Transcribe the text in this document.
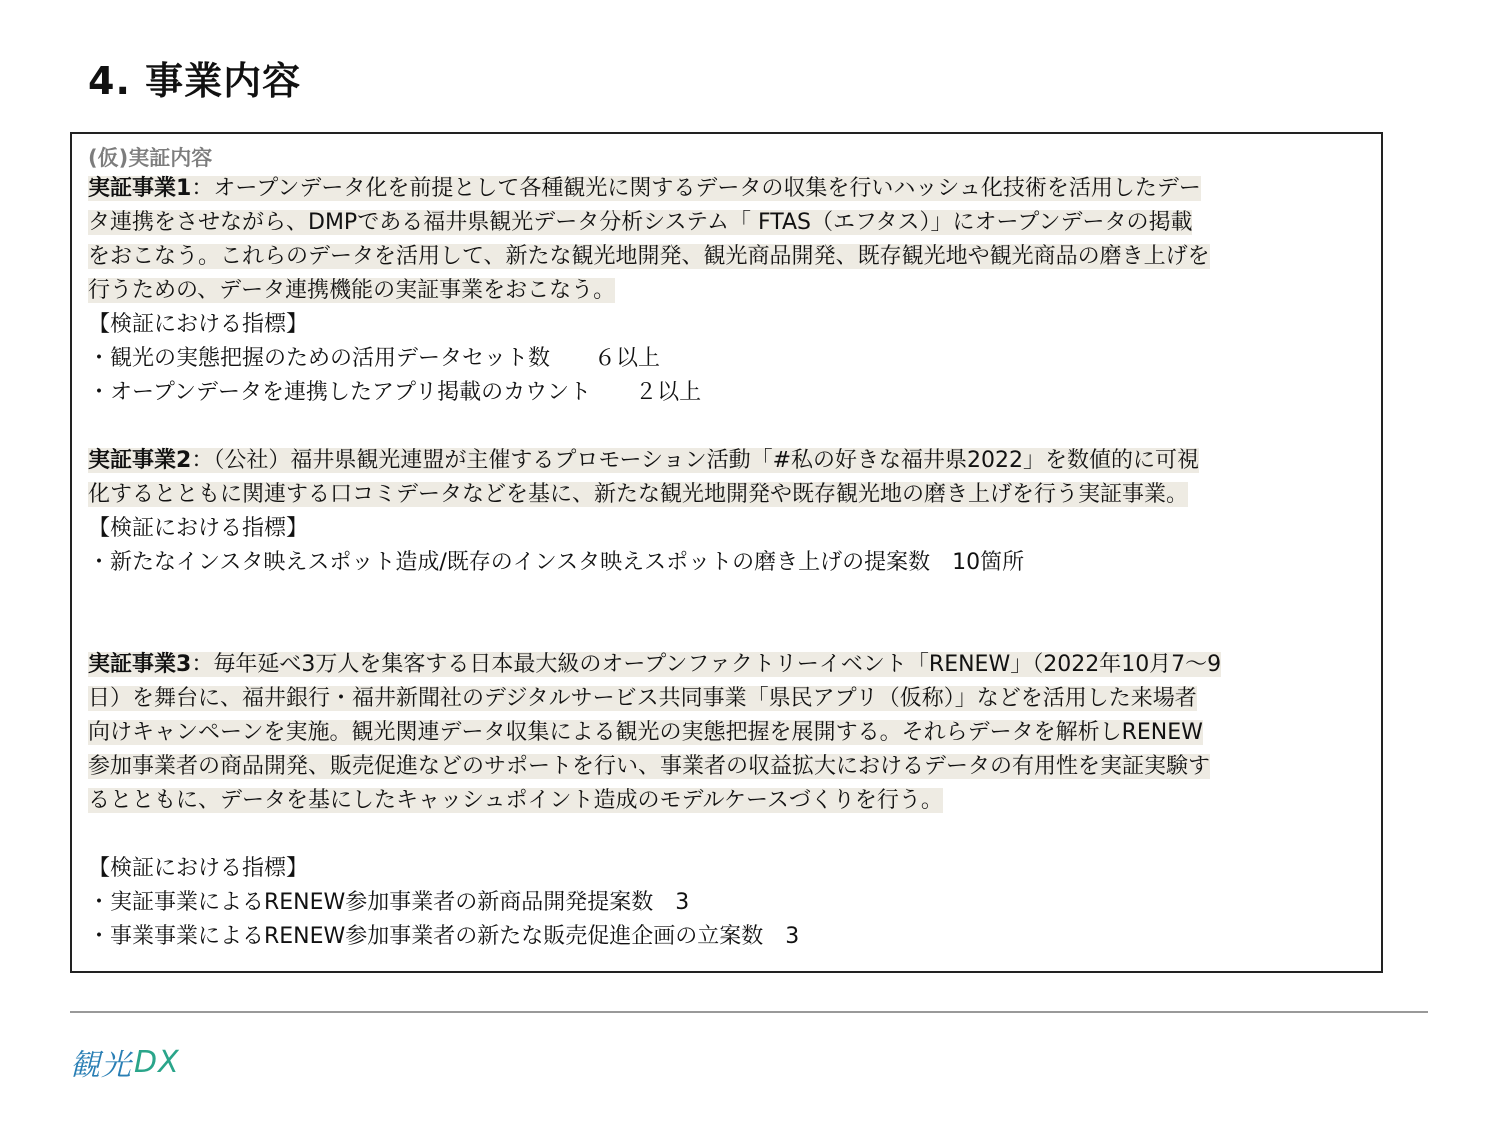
4. 事業内容
(仮)実証内容
実証事業1：オープンデータ化を前提として各種観光に関するデータの収集を行いハッシュ化技術を活用したデー
タ連携をさせながら、DMPである福井県観光データ分析システム「 FTAS（エフタス）」にオープンデータの掲載
をおこなう。これらのデータを活用して、新たな観光地開発、観光商品開発、既存観光地や観光商品の磨き上げを
行うための、データ連携機能の実証事業をおこなう。
【検証における指標】
・観光の実態把握のための活用データセット数　　６以上
・オープンデータを連携したアプリ掲載のカウント　　２以上
実証事業2：（公社）福井県観光連盟が主催するプロモーション活動「#私の好きな福井県2022」を数値的に可視
化するとともに関連する口コミデータなどを基に、新たな観光地開発や既存観光地の磨き上げを行う実証事業。
【検証における指標】
・新たなインスタ映えスポット造成/既存のインスタ映えスポットの磨き上げの提案数　10箇所
実証事業3：毎年延べ3万人を集客する日本最大級のオープンファクトリーイベント「RENEW」（2022年10月7〜9
日）を舞台に、福井銀行・福井新聞社のデジタルサービス共同事業「県民アプリ（仮称）」などを活用した来場者
向けキャンペーンを実施。観光関連データ収集による観光の実態把握を展開する。それらデータを解析しRENEW
参加事業者の商品開発、販売促進などのサポートを行い、事業者の収益拡大におけるデータの有用性を実証実験す
るとともに、データを基にしたキャッシュポイント造成のモデルケースづくりを行う。
【検証における指標】
・実証事業によるRENEW参加事業者の新商品開発提案数　3
・事業事業によるRENEW参加事業者の新たな販売促進企画の立案数　3
観光 DX
